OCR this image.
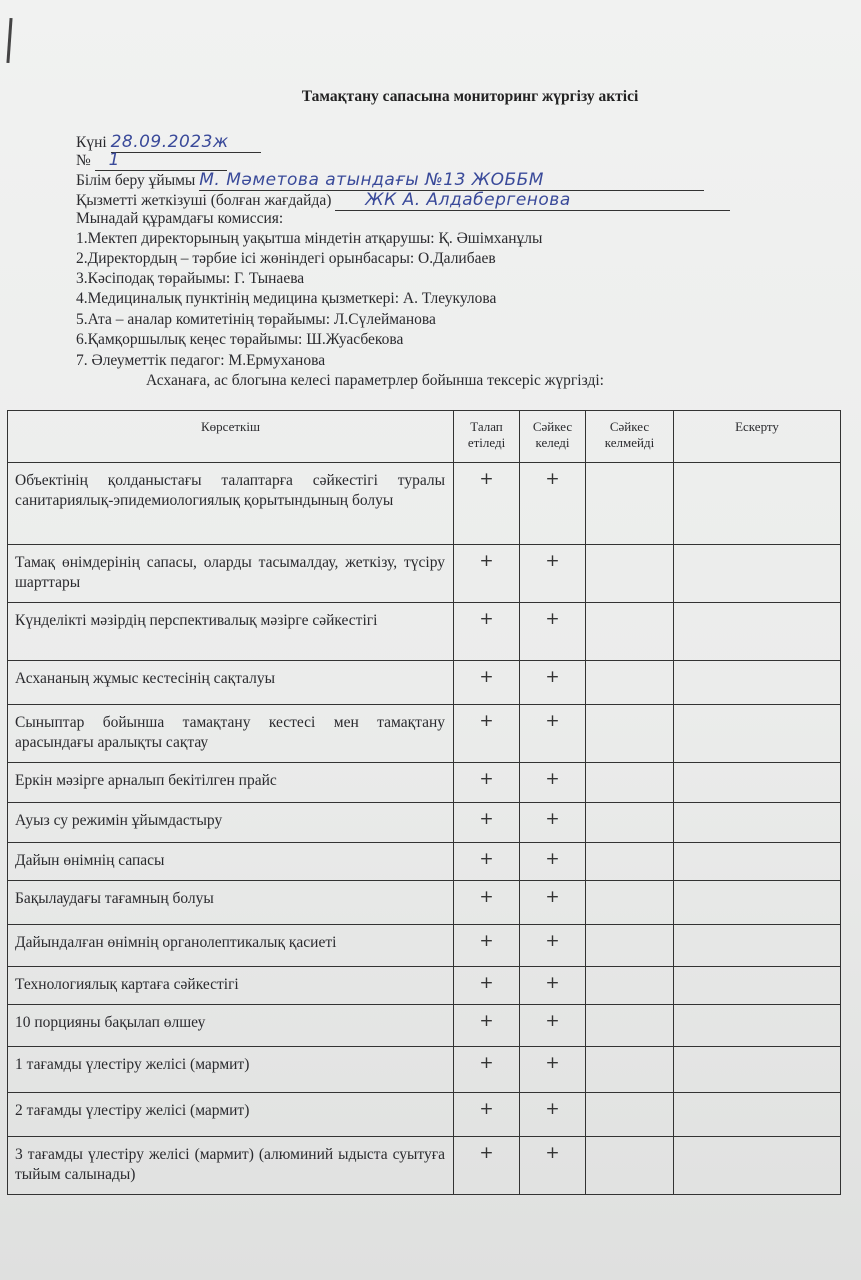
Тамақтану сапасына мониторинг жүргізу актісі
Күні 28.09.2023ж
№ 1
Білім беру ұйымы М. Мәметова атындағы №13 ЖОББМ
Қызметті жеткізуші (болған жағдайда) ЖК А. Алдабергенова
Мынадай құрамдағы комиссия:
1.Мектеп директорының уақытша міндетін атқарушы: Қ. Әшімханұлы
2.Директордың – тәрбие ісі жөніндегі орынбасары: О.Далибаев
3.Кәсіподақ төрайымы: Г. Тынаева
4.Медициналық пунктінің медицина қызметкері: А. Тлеукулова
5.Ата – аналар комитетінің төрайымы: Л.Сүлейманова
6.Қамқоршылық кеңес төрайымы: Ш.Жуасбекова
7. Әлеуметтік педагог: М.Ермуханова
Асханаға, ас блогына келесі параметрлер бойынша тексеріс жүргізді:
Көрсеткіш	Талап етіледі	Сәйкес келеді	Сәйкес келмейді	Ескерту
Объектінің қолданыстағы талаптарға сәйкестігі туралы санитариялық-эпидемиологиялық қорытындының болуы	+	+		
Тамақ өнімдерінің сапасы, оларды тасымалдау, жеткізу, түсіру шарттары	+	+		
Күнделікті мәзірдің перспективалық мәзірге сәйкестігі	+	+		
Асхананың жұмыс кестесінің сақталуы	+	+		
Сыныптар бойынша тамақтану кестесі мен тамақтану арасындағы аралықты сақтау	+	+		
Еркін мәзірге арналып бекітілген прайс	+	+		
Ауыз су режимін ұйымдастыру	+	+		
Дайын өнімнің сапасы	+	+		
Бақылаудағы тағамның болуы	+	+		
Дайындалған өнімнің органолептикалық қасиеті	+	+		
Технологиялық картаға сәйкестігі	+	+		
10 порцияны бақылап өлшеу	+	+		
1 тағамды үлестіру желісі (мармит)	+	+		
2 тағамды үлестіру желісі (мармит)	+	+		
3 тағамды үлестіру желісі (мармит) (алюминий ыдыста суытуға тыйым салынады)	+	+		
